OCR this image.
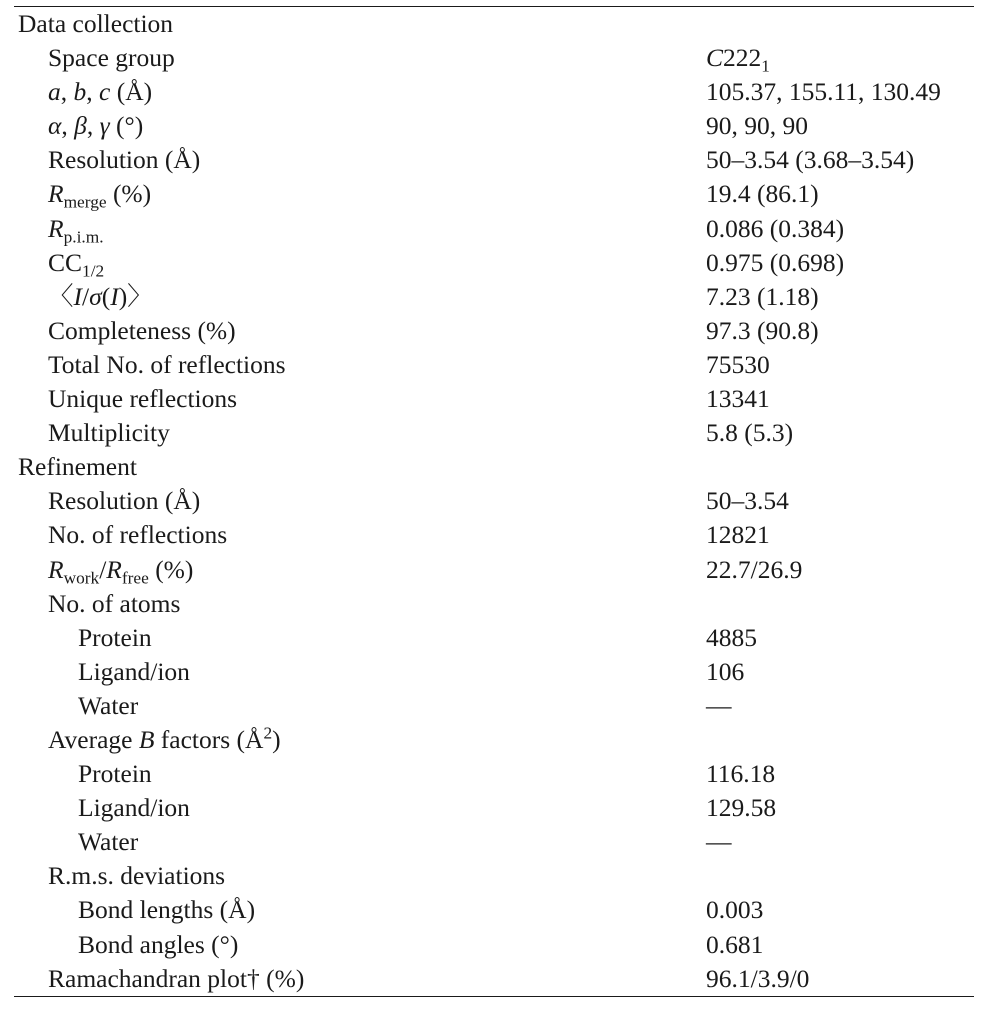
Data collection
Space group	$C222_1$
a, b, c (Å)	105.37, 155.11, 130.49
α, β, γ (°)	90, 90, 90
Resolution (Å)	50–3.54 (3.68–3.54)
$R_{merge}$ (%)	19.4 (86.1)
$R_{p.i.m.}$	0.086 (0.384)
$CC_{1/2}$	0.975 (0.698)
〈I/σ(I)〉	7.23 (1.18)
Completeness (%)	97.3 (90.8)
Total No. of reflections	75530
Unique reflections	13341
Multiplicity	5.8 (5.3)
Refinement
Resolution (Å)	50–3.54
No. of reflections	12821
$R_{work}/R_{free}$ (%)	22.7/26.9
No. of atoms
Protein	4885
Ligand/ion	106
Water	—
Average B factors $(Å^2)$
Protein	116.18
Ligand/ion	129.58
Water	—
R.m.s. deviations
Bond lengths (Å)	0.003
Bond angles (°)	0.681
Ramachandran plot† (%)	96.1/3.9/0
